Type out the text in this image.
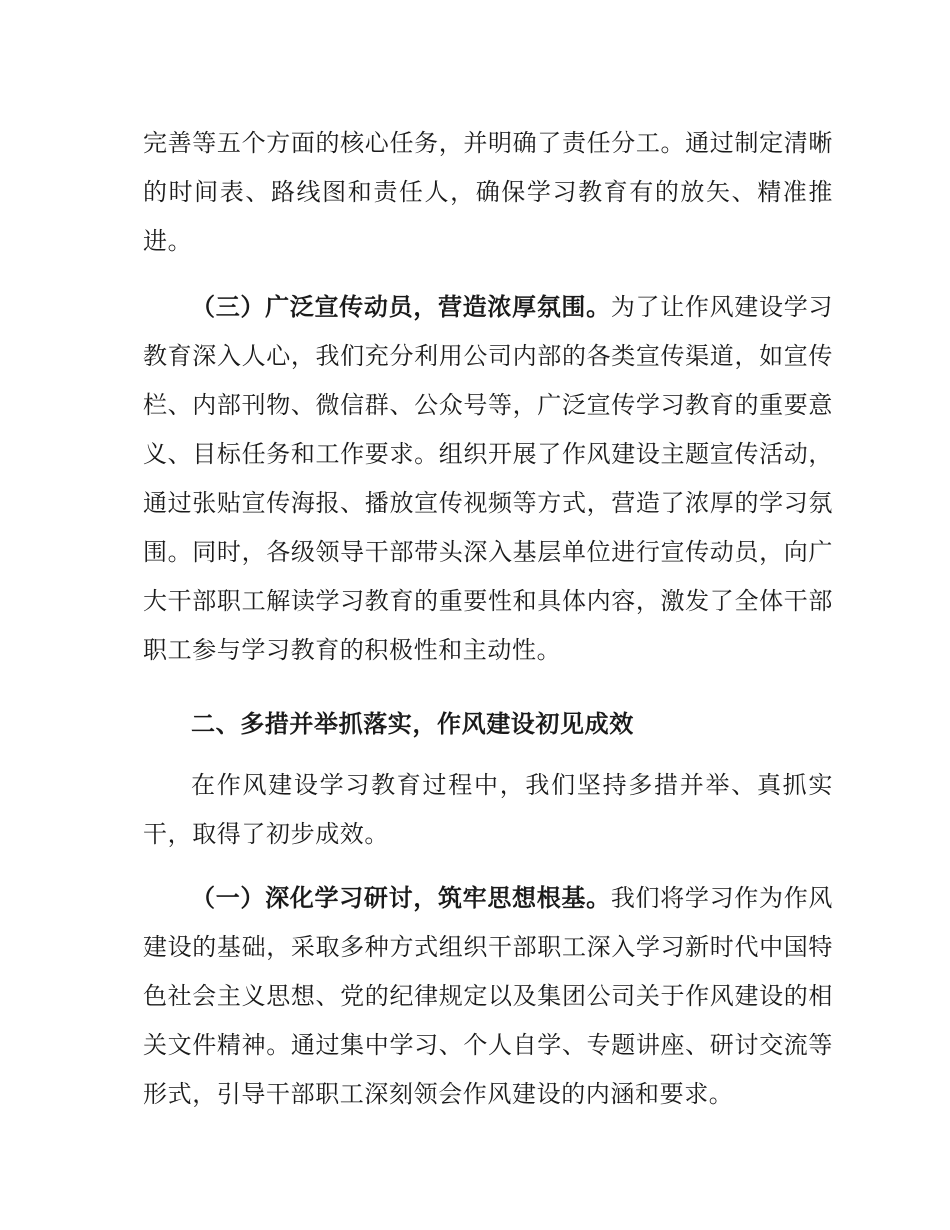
完善等五个方面的核心任务，并明确了责任分工。通过制定清晰的时间表、路线图和责任人，确保学习教育有的放矢、精准推进。

（三）广泛宣传动员，营造浓厚氛围。为了让作风建设学习教育深入人心，我们充分利用公司内部的各类宣传渠道，如宣传栏、内部刊物、微信群、公众号等，广泛宣传学习教育的重要意义、目标任务和工作要求。组织开展了作风建设主题宣传活动，通过张贴宣传海报、播放宣传视频等方式，营造了浓厚的学习氛围。同时，各级领导干部带头深入基层单位进行宣传动员，向广大干部职工解读学习教育的重要性和具体内容，激发了全体干部职工参与学习教育的积极性和主动性。

二、多措并举抓落实，作风建设初见成效

在作风建设学习教育过程中，我们坚持多措并举、真抓实干，取得了初步成效。

（一）深化学习研讨，筑牢思想根基。我们将学习作为作风建设的基础，采取多种方式组织干部职工深入学习新时代中国特色社会主义思想、党的纪律规定以及集团公司关于作风建设的相关文件精神。通过集中学习、个人自学、专题讲座、研讨交流等形式，引导干部职工深刻领会作风建设的内涵和要求。
